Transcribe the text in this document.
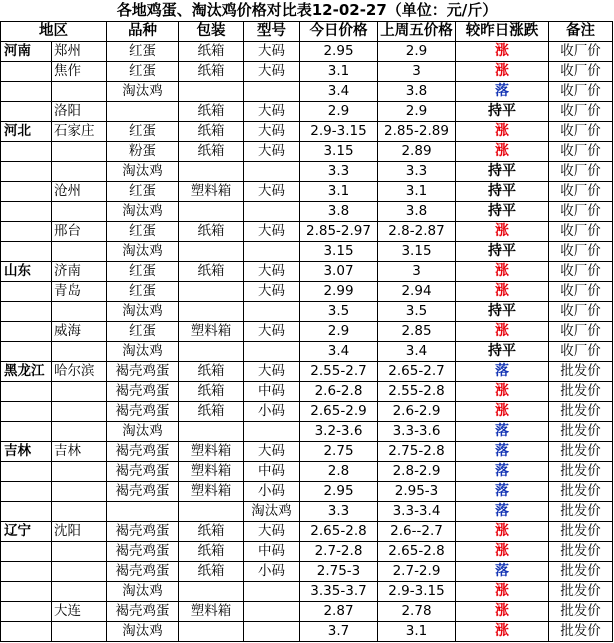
各地鸡蛋、淘汰鸡价格对比表12-02-27（单位：元/斤）
地区		品种	包装	型号	今日价格	上周五价格	较昨日涨跌	备注
河南	郑州	红蛋	纸箱	大码	2.95	2.9	涨	收厂价
	焦作	红蛋	纸箱	大码	3.1	3	涨	收厂价
		淘汰鸡			3.4	3.8	落	收厂价
	洛阳		纸箱	大码	2.9	2.9	持平	收厂价
河北	石家庄	红蛋	纸箱	大码	2.9-3.15	2.85-2.89	涨	收厂价
		粉蛋	纸箱	大码	3.15	2.89	涨	收厂价
		淘汰鸡			3.3	3.3	持平	收厂价
	沧州	红蛋	塑料箱	大码	3.1	3.1	持平	收厂价
		淘汰鸡			3.8	3.8	持平	收厂价
	邢台	红蛋	纸箱	大码	2.85-2.97	2.8-2.87	涨	收厂价
		淘汰鸡			3.15	3.15	持平	收厂价
山东	济南	红蛋	纸箱	大码	3.07	3	涨	收厂价
	青岛	红蛋		大码	2.99	2.94	涨	收厂价
		淘汰鸡			3.5	3.5	持平	收厂价
	威海	红蛋	塑料箱	大码	2.9	2.85	涨	收厂价
		淘汰鸡			3.4	3.4	持平	收厂价
黑龙江	哈尔滨	褐壳鸡蛋	纸箱	大码	2.55-2.7	2.65-2.7	落	批发价
		褐壳鸡蛋	纸箱	中码	2.6-2.8	2.55-2.8	涨	批发价
		褐壳鸡蛋	纸箱	小码	2.65-2.9	2.6-2.9	涨	批发价
		淘汰鸡			3.2-3.6	3.3-3.6	落	批发价
吉林	吉林	褐壳鸡蛋	塑料箱	大码	2.75	2.75-2.8	落	批发价
		褐壳鸡蛋	塑料箱	中码	2.8	2.8-2.9	落	批发价
		褐壳鸡蛋	塑料箱	小码	2.95	2.95-3	落	批发价
				淘汰鸡	3.3	3.3-3.4	落	批发价
辽宁	沈阳	褐壳鸡蛋	纸箱	大码	2.65-2.8	2.6--2.7	涨	批发价
		褐壳鸡蛋	纸箱	中码	2.7-2.8	2.65-2.8	涨	批发价
		褐壳鸡蛋	纸箱	小码	2.75-3	2.7-2.9	落	批发价
		淘汰鸡			3.35-3.7	2.9-3.15	涨	批发价
	大连	褐壳鸡蛋	塑料箱		2.87	2.78	涨	批发价
		淘汰鸡			3.7	3.1	涨	批发价
